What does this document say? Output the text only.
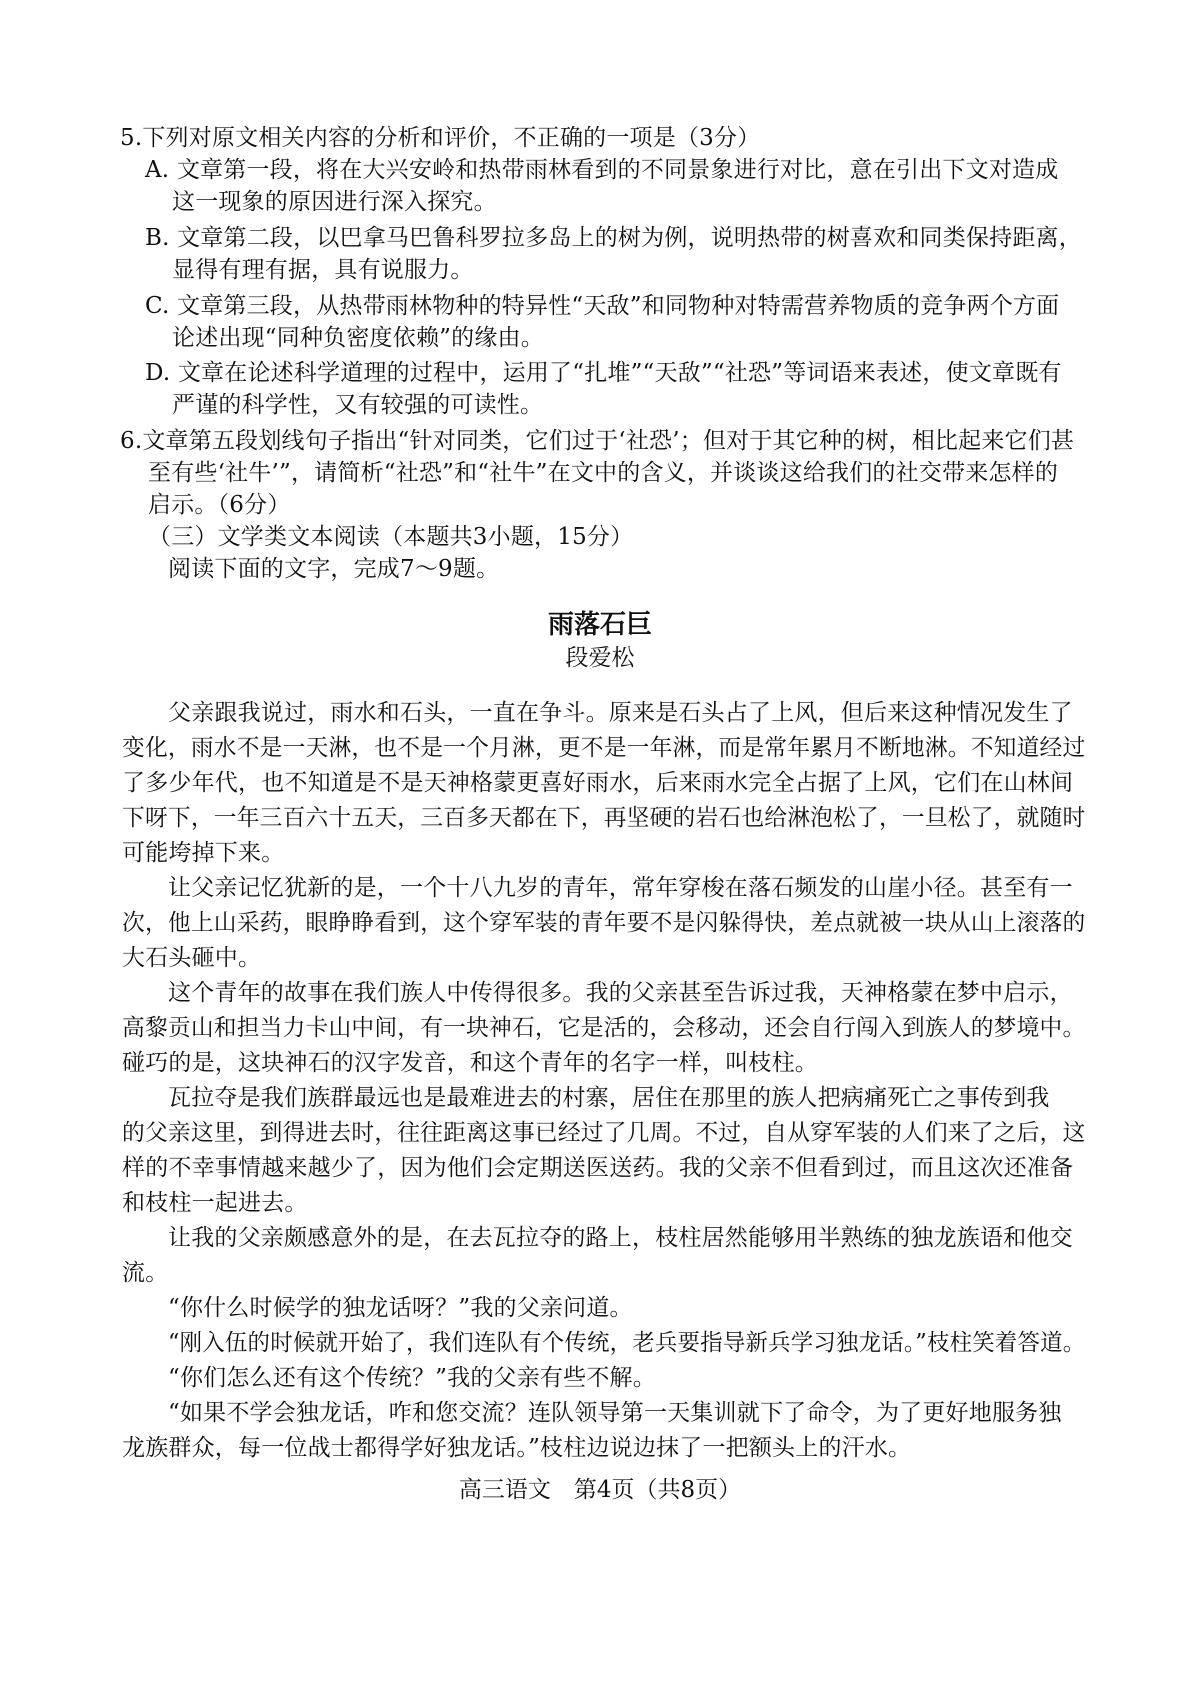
5.下列对原文相关内容的分析和评价，不正确的一项是（3分）
A. 文章第一段，将在大兴安岭和热带雨林看到的不同景象进行对比，意在引出下文对造成
这一现象的原因进行深入探究。
B. 文章第二段，以巴拿马巴鲁科罗拉多岛上的树为例，说明热带的树喜欢和同类保持距离，
显得有理有据，具有说服力。
C. 文章第三段，从热带雨林物种的特异性“天敌”和同物种对特需营养物质的竞争两个方面
论述出现“同种负密度依赖”的缘由。
D. 文章在论述科学道理的过程中，运用了“扎堆”“天敌”“社恐”等词语来表述，使文章既有
严谨的科学性，又有较强的可读性。
6.文章第五段划线句子指出“针对同类，它们过于‘社恐’；但对于其它种的树，相比起来它们甚
至有些‘社牛’”，请简析“社恐”和“社牛”在文中的含义，并谈谈这给我们的社交带来怎样的
启示。（6分）
（三）文学类文本阅读（本题共3小题，15分）
阅读下面的文字，完成7～9题。
雨落石巨
段爱松
父亲跟我说过，雨水和石头，一直在争斗。原来是石头占了上风，但后来这种情况发生了
变化，雨水不是一天淋，也不是一个月淋，更不是一年淋，而是常年累月不断地淋。不知道经过
了多少年代，也不知道是不是天神格蒙更喜好雨水，后来雨水完全占据了上风，它们在山林间
下呀下，一年三百六十五天，三百多天都在下，再坚硬的岩石也给淋泡松了，一旦松了，就随时
可能垮掉下来。
让父亲记忆犹新的是，一个十八九岁的青年，常年穿梭在落石频发的山崖小径。甚至有一
次，他上山采药，眼睁睁看到，这个穿军装的青年要不是闪躲得快，差点就被一块从山上滚落的
大石头砸中。
这个青年的故事在我们族人中传得很多。我的父亲甚至告诉过我，天神格蒙在梦中启示，
高黎贡山和担当力卡山中间，有一块神石，它是活的，会移动，还会自行闯入到族人的梦境中。
碰巧的是，这块神石的汉字发音，和这个青年的名字一样，叫枝柱。
瓦拉夺是我们族群最远也是最难进去的村寨，居住在那里的族人把病痛死亡之事传到我
的父亲这里，到得进去时，往往距离这事已经过了几周。不过，自从穿军装的人们来了之后，这
样的不幸事情越来越少了，因为他们会定期送医送药。我的父亲不但看到过，而且这次还准备
和枝柱一起进去。
让我的父亲颇感意外的是，在去瓦拉夺的路上，枝柱居然能够用半熟练的独龙族语和他交
流。
“你什么时候学的独龙话呀？”我的父亲问道。
“刚入伍的时候就开始了，我们连队有个传统，老兵要指导新兵学习独龙话。”枝柱笑着答道。
“你们怎么还有这个传统？”我的父亲有些不解。
“如果不学会独龙话，咋和您交流？连队领导第一天集训就下了命令，为了更好地服务独
龙族群众，每一位战士都得学好独龙话。”枝柱边说边抹了一把额头上的汗水。
高三语文　第4页（共8页）
